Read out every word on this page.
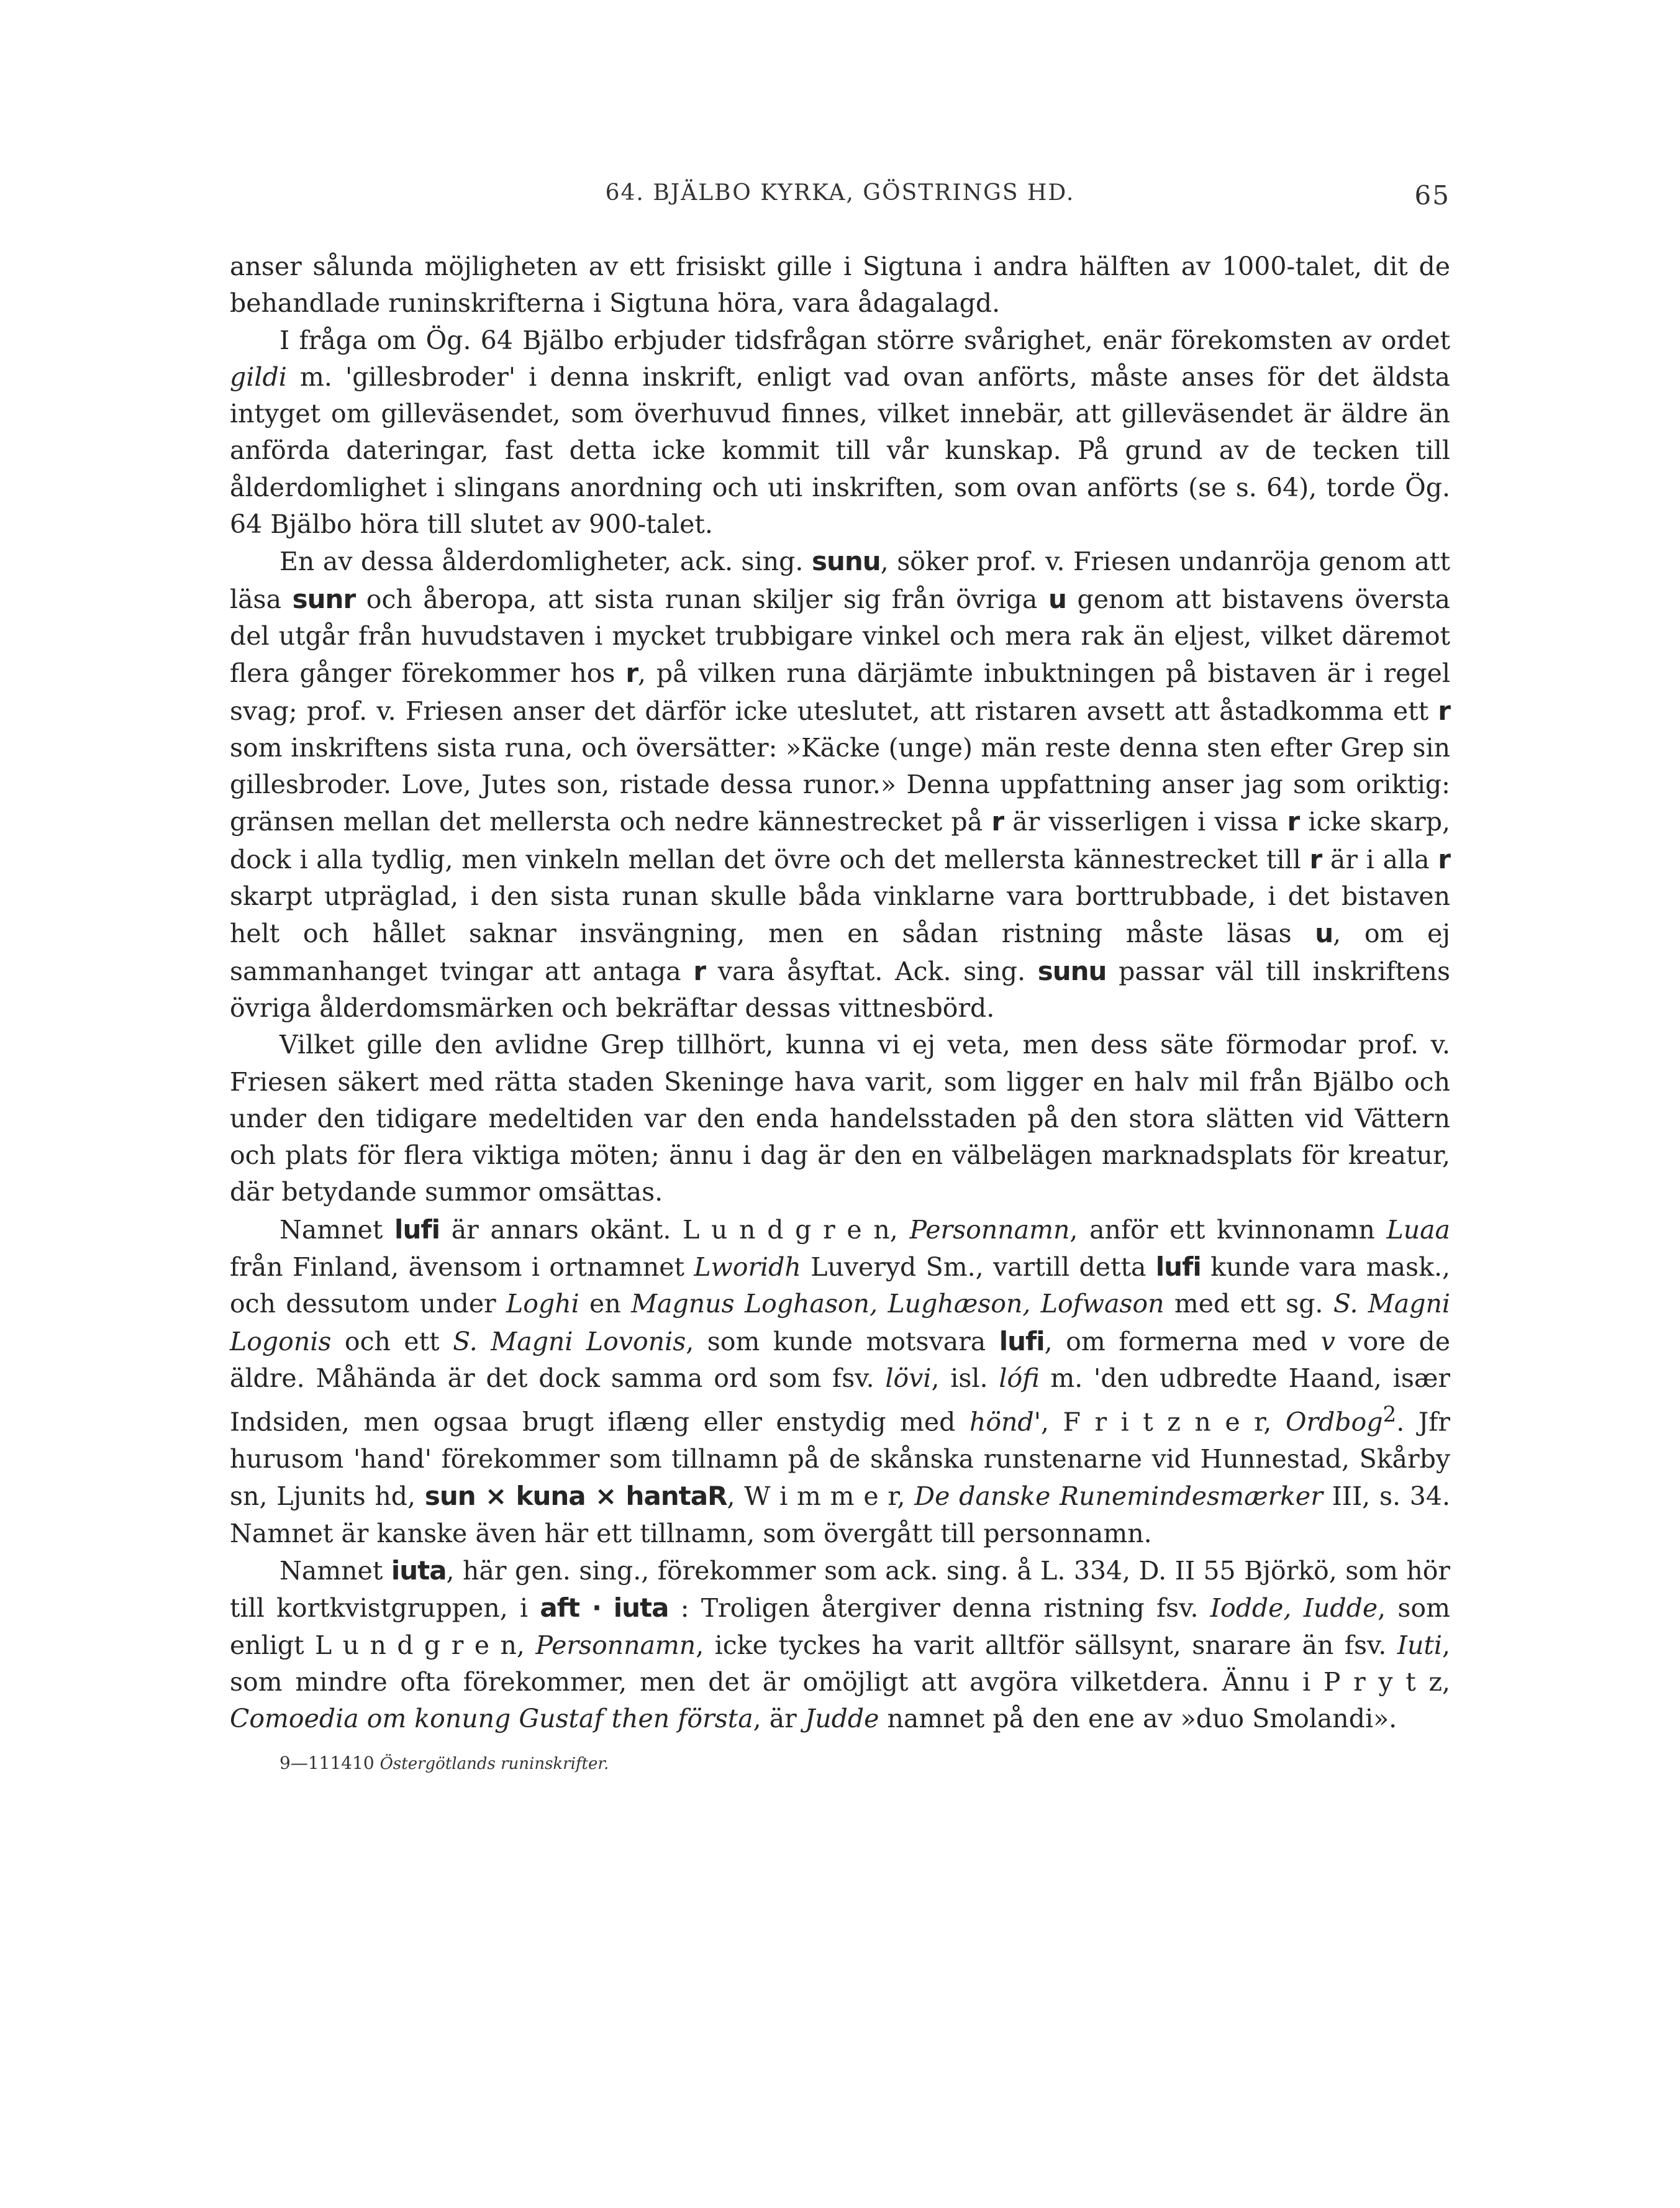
64. BJÄLBO KYRKA, GÖSTRINGS HD.	65

anser sålunda möjligheten av ett frisiskt gille i Sigtuna i andra hälften av 1000-talet, dit de behandlade runinskrifterna i Sigtuna höra, vara ådagalagd.

I fråga om Ög. 64 Bjälbo erbjuder tidsfrågan större svårighet, enär förekomsten av ordet gildi m. 'gillesbroder' i denna inskrift, enligt vad ovan anförts, måste anses för det äldsta intyget om gilleväsendet, som överhuvud finnes, vilket innebär, att gilleväsendet är äldre än anförda dateringar, fast detta icke kommit till vår kunskap. På grund av de tecken till ålderdomlighet i slingans anordning och uti inskriften, som ovan anförts (se s. 64), torde Ög. 64 Bjälbo höra till slutet av 900-talet.

En av dessa ålderdomligheter, ack. sing. sunu, söker prof. v. Friesen undanröja genom att läsa sunr och åberopa, att sista runan skiljer sig från övriga u genom att bistavens översta del utgår från huvudstaven i mycket trubbigare vinkel och mera rak än eljest, vilket däremot flera gånger förekommer hos r, på vilken runa därjämte inbuktningen på bistaven är i regel svag; prof. v. Friesen anser det därför icke uteslutet, att ristaren avsett att åstadkomma ett r som inskriftens sista runa, och översätter: »Käcke (unge) män reste denna sten efter Grep sin gillesbroder. Love, Jutes son, ristade dessa runor.» Denna uppfattning anser jag som oriktig: gränsen mellan det mellersta och nedre kännestrecket på r är visserligen i vissa r icke skarp, dock i alla tydlig, men vinkeln mellan det övre och det mellersta kännestrecket till r är i alla r skarpt utpräglad, i den sista runan skulle båda vinklarne vara borttrubbade, i det bistaven helt och hållet saknar insvängning, men en sådan ristning måste läsas u, om ej sammanhanget tvingar att antaga r vara åsyftat. Ack. sing. sunu passar väl till inskriftens övriga ålderdomsmärken och bekräftar dessas vittnesbörd.

Vilket gille den avlidne Grep tillhört, kunna vi ej veta, men dess säte förmodar prof. v. Friesen säkert med rätta staden Skeninge hava varit, som ligger en halv mil från Bjälbo och under den tidigare medeltiden var den enda handelsstaden på den stora slätten vid Vättern och plats för flera viktiga möten; ännu i dag är den en välbelägen marknadsplats för kreatur, där betydande summor omsättas.

Namnet lufi är annars okänt. L u n d g r e n, Personnamn, anför ett kvinnonamn Luaa från Finland, ävensom i ortnamnet Lworidh Luveryd Sm., vartill detta lufi kunde vara mask., och dessutom under Loghi en Magnus Loghason, Lughæson, Lofwason med ett sg. S. Magni Logonis och ett S. Magni Lovonis, som kunde motsvara lufi, om formerna med v vore de äldre. Måhända är det dock samma ord som fsv. lövi, isl. lófi m. 'den udbredte Haand, især Indsiden, men ogsaa brugt iflæng eller enstydig med hönd', F r i t z n e r, Ordbog$^2$. Jfr hurusom 'hand' förekommer som tillnamn på de skånska runstenarne vid Hunnestad, Skårby sn, Ljunits hd, sun × kuna × hantaR, W i m m e r, De danske Runemindesmærker III, s. 34. Namnet är kanske även här ett tillnamn, som övergått till personnamn.

Namnet iuta, här gen. sing., förekommer som ack. sing. å L. 334, D. II 55 Björkö, som hör till kortkvistgruppen, i aft · iuta : Troligen återgiver denna ristning fsv. Iodde, Iudde, som enligt L u n d g r e n, Personnamn, icke tyckes ha varit alltför sällsynt, snarare än fsv. Iuti, som mindre ofta förekommer, men det är omöjligt att avgöra vilketdera. Ännu i P r y t z, Comoedia om konung Gustaf then första, är Judde namnet på den ene av »duo Smolandi».

9—111410 Östergötlands runinskrifter.
